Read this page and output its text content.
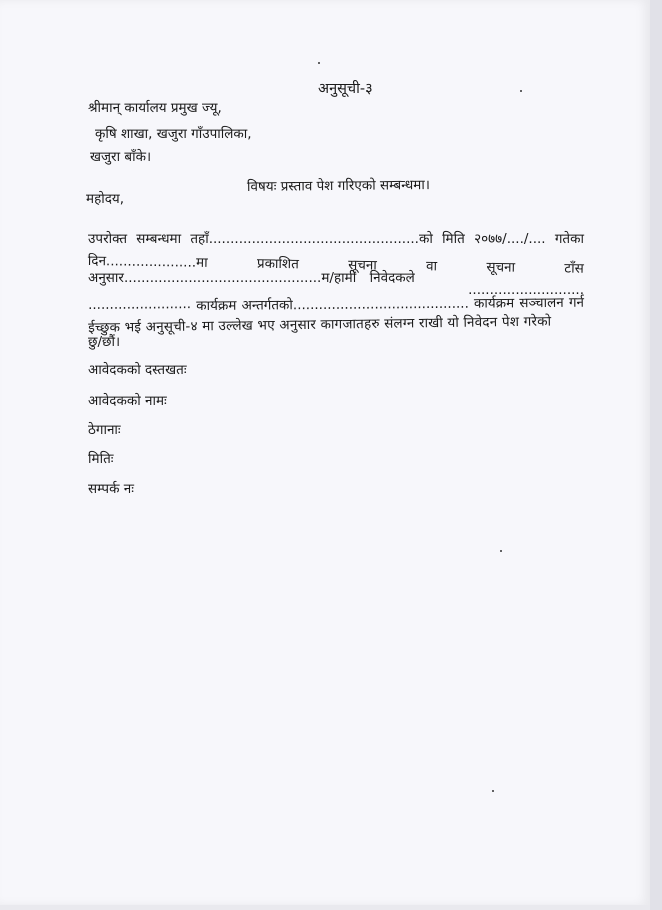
अनुसूची-३
श्रीमान् कार्यालय प्रमुख ज्यू,
कृषि शाखा, खजुरा गाँउपालिका,
खजुरा बाँके।
विषयः प्रस्ताव पेश गरिएको सम्बन्धमा।
महोदय,
उपरोक्त सम्बन्धमा तहाँ.................................................को मिति २०७७/..../.... गतेका
दिन.....................मा	प्रकाशित	सूचना	वा	सूचना	टाँस
अनुसार..............................................म/हामी निवेदकले
...........................
........................ कार्यक्रम अन्तर्गतको......................................... कार्यक्रम सञ्चालन गर्न
ईच्छुक भई अनुसूची-४ मा उल्लेख भए अनुसार कागजातहरु संलग्न राखी यो निवेदन पेश गरेको
छु/छौं।
आवेदकको दस्तखतः
आवेदकको नामः
ठेगानाः
मितिः
सम्पर्क नः
